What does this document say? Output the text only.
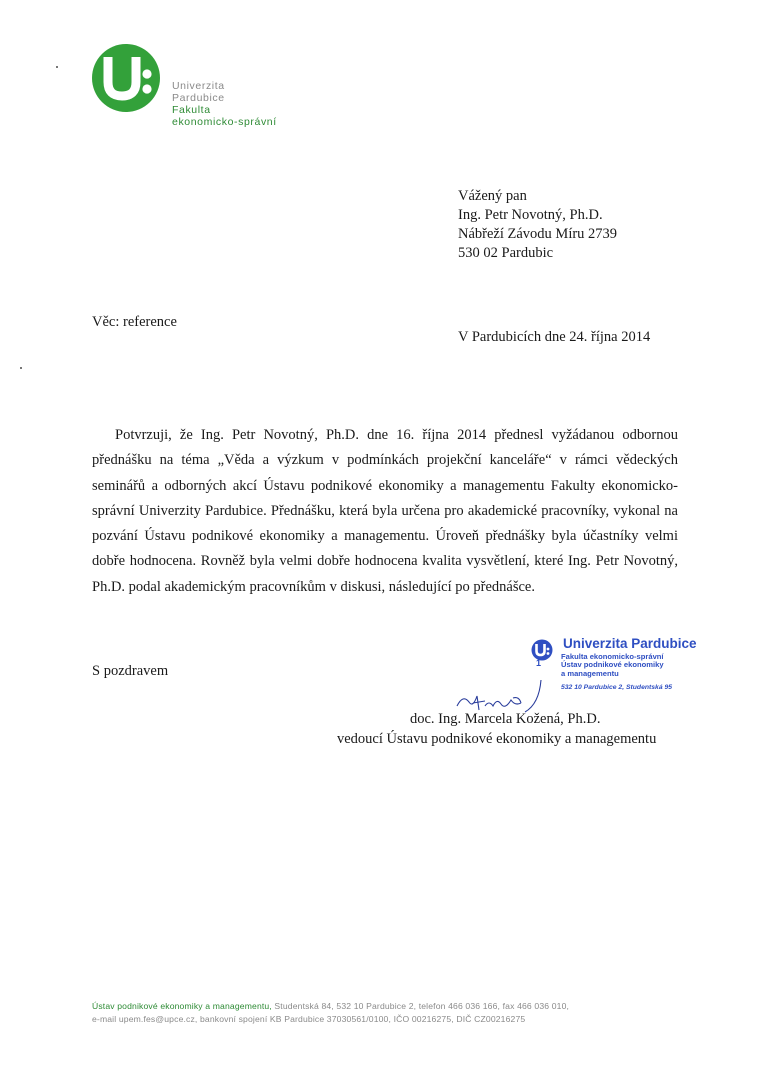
Univerzita
Pardubice
Fakulta
ekonomicko-správní
Vážený pan
Ing. Petr Novotný, Ph.D.
Nábřeží Závodu Míru 2739
530 02 Pardubic
Věc: reference
V Pardubicích dne 24. října 2014
Potvrzuji, že Ing. Petr Novotný, Ph.D. dne 16. října 2014 přednesl vyžádanou odbornou přednášku na téma „Věda a výzkum v podmínkách projekční kanceláře“ v rámci vědeckých seminářů a odborných akcí Ústavu podnikové ekonomiky a managementu Fakulty ekonomicko-správní Univerzity Pardubice. Přednášku, která byla určena pro akademické pracovníky, vykonal na pozvání Ústavu podnikové ekonomiky a managementu. Úroveň přednášky byla účastníky velmi dobře hodnocena. Rovněž byla velmi dobře hodnocena kvalita vysvětlení, které Ing. Petr Novotný, Ph.D. podal akademickým pracovníkům v diskusi, následující po přednášce.
S pozdravem
Univerzita Pardubice
1
Fakulta ekonomicko-správní
Ústav podnikové ekonomiky
a managementu
532 10 Pardubice 2, Studentská 95
doc. Ing. Marcela Kožená, Ph.D.
vedoucí Ústavu podnikové ekonomiky a managementu
Ústav podnikové ekonomiky a managementu, Studentská 84, 532 10 Pardubice 2, telefon 466 036 166, fax 466 036 010,
e-mail upem.fes@upce.cz, bankovní spojení KB Pardubice 37030561/0100, IČO 00216275, DIČ CZ00216275
